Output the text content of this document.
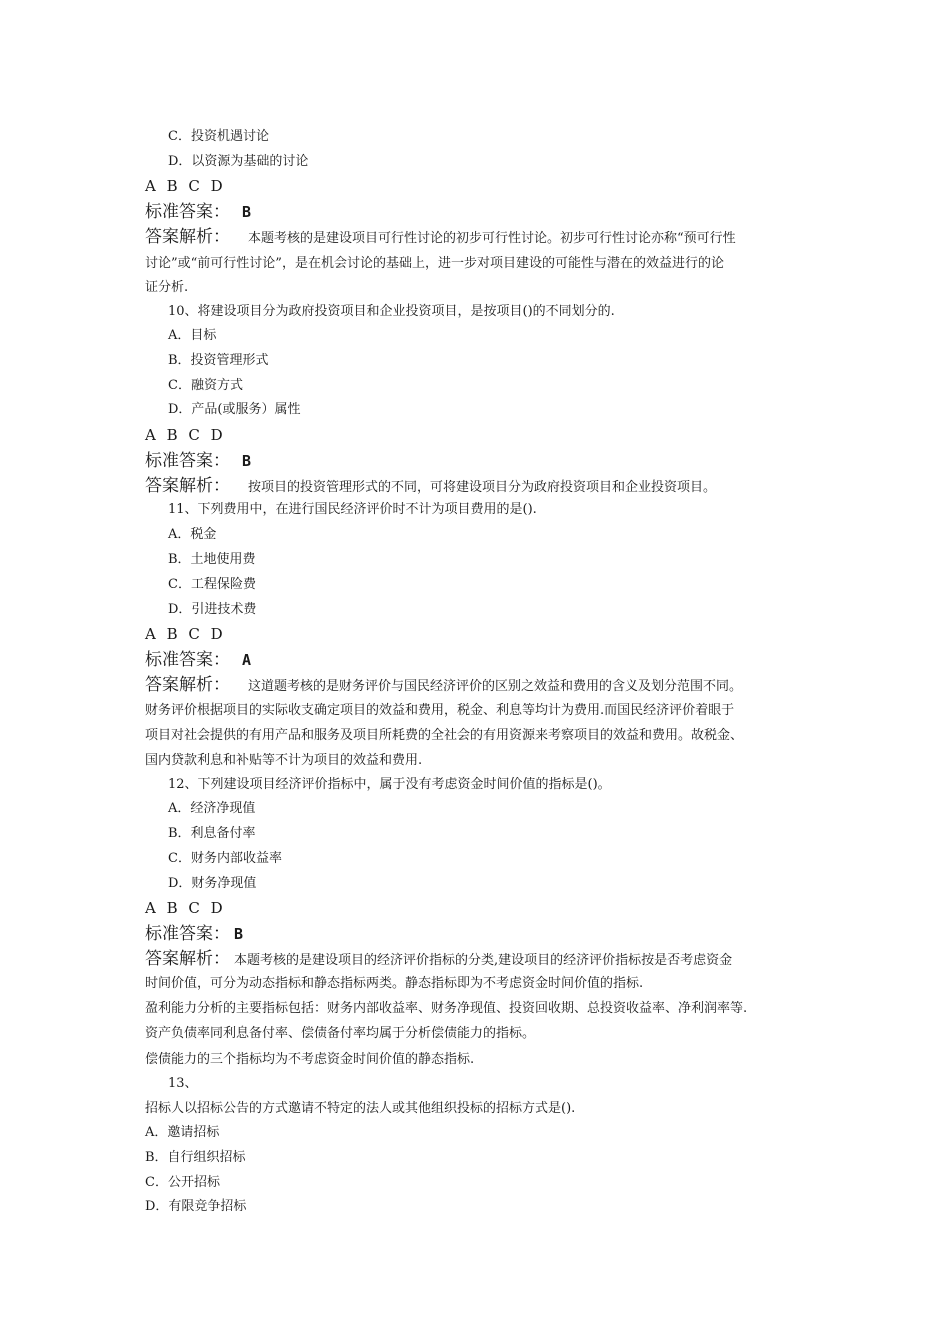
C．投资机遇讨论
D．以资源为基础的讨论
A B C D
标准答案： B
答案解析： 本题考核的是建设项目可行性讨论的初步可行性讨论。初步可行性讨论亦称“预可行性
讨论”或“前可行性讨论”，是在机会讨论的基础上，进一步对项目建设的可能性与潜在的效益进行的论
证分析.
10、将建设项目分为政府投资项目和企业投资项目，是按项目()的不同划分的.
A．目标
B．投资管理形式
C．融资方式
D．产品(或服务）属性
A B C D
标准答案： B
答案解析： 按项目的投资管理形式的不同，可将建设项目分为政府投资项目和企业投资项目。
11、下列费用中，在进行国民经济评价时不计为项目费用的是().
A．税金
B．土地使用费
C．工程保险费
D．引进技术费
A B C D
标准答案： A
答案解析： 这道题考核的是财务评价与国民经济评价的区别之效益和费用的含义及划分范围不同。
财务评价根据项目的实际收支确定项目的效益和费用，税金、利息等均计为费用.而国民经济评价着眼于
项目对社会提供的有用产品和服务及项目所耗费的全社会的有用资源来考察项目的效益和费用。故税金、
国内贷款利息和补贴等不计为项目的效益和费用.
12、下列建设项目经济评价指标中，属于没有考虑资金时间价值的指标是()。
A．经济净现值
B．利息备付率
C．财务内部收益率
D．财务净现值
A B C D
标准答案： B
答案解析： 本题考核的是建设项目的经济评价指标的分类,建设项目的经济评价指标按是否考虑资金
时间价值，可分为动态指标和静态指标两类。静态指标即为不考虑资金时间价值的指标.
盈利能力分析的主要指标包括：财务内部收益率、财务净现值、投资回收期、总投资收益率、净利润率等.
资产负债率同利息备付率、偿债备付率均属于分析偿债能力的指标。
偿债能力的三个指标均为不考虑资金时间价值的静态指标.
13、
招标人以招标公告的方式邀请不特定的法人或其他组织投标的招标方式是().
A．邀请招标
B．自行组织招标
C．公开招标
D．有限竞争招标
